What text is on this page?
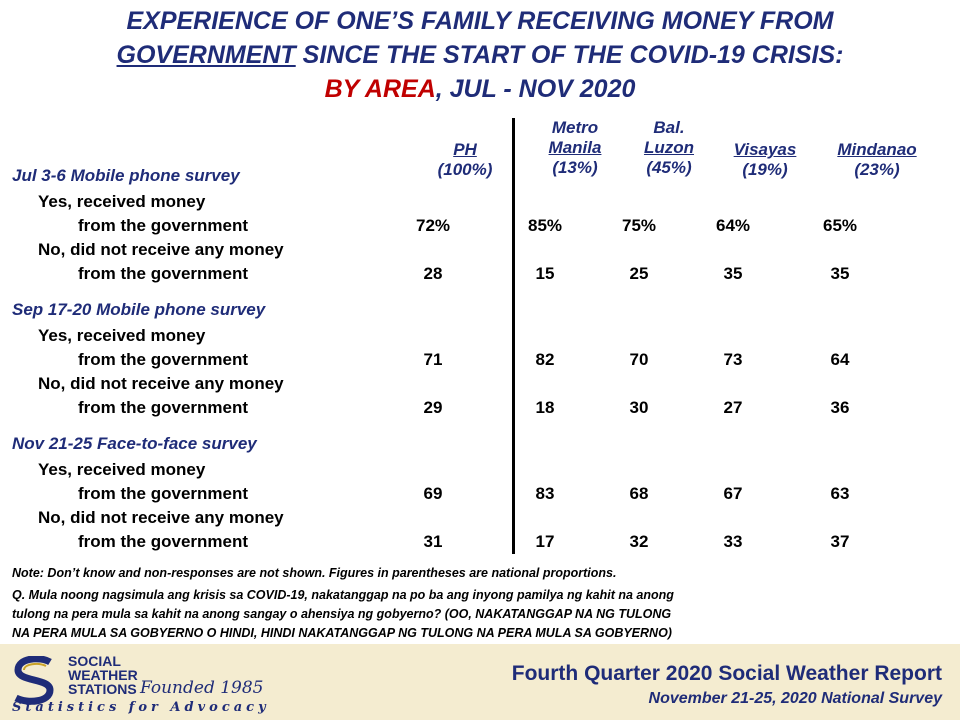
EXPERIENCE OF ONE’S FAMILY RECEIVING MONEY FROM
GOVERNMENT SINCE THE START OF THE COVID-19 CRISIS:
BY AREA, JUL - NOV 2020
PH
(100%)
Metro
Manila
(13%)
Bal.
Luzon
(45%)
Visayas
(19%)
Mindanao
(23%)
Jul 3-6 Mobile phone survey
Yes, received money
from the government	72%	85%	75%	64%	65%
No, did not receive any money
from the government	28	15	25	35	35
Sep 17-20 Mobile phone survey
Yes, received money
from the government	71	82	70	73	64
No, did not receive any money
from the government	29	18	30	27	36
Nov 21-25 Face-to-face survey
Yes, received money
from the government	69	83	68	67	63
No, did not receive any money
from the government	31	17	32	33	37
Note: Don’t know and non-responses are not shown. Figures in parentheses are national proportions.
Q. Mula noong nagsimula ang krisis sa COVID-19, nakatanggap na po ba ang inyong pamilya ng kahit na anong
tulong na pera mula sa kahit na anong sangay o ahensiya ng gobyerno? (OO, NAKATANGGAP NA NG TULONG
NA PERA MULA SA GOBYERNO O HINDI, HINDI NAKATANGGAP NG TULONG NA PERA MULA SA GOBYERNO)
SOCIAL
WEATHER
STATIONS Founded 1985
Statistics for Advocacy
Fourth Quarter 2020 Social Weather Report
November 21-25, 2020 National Survey
